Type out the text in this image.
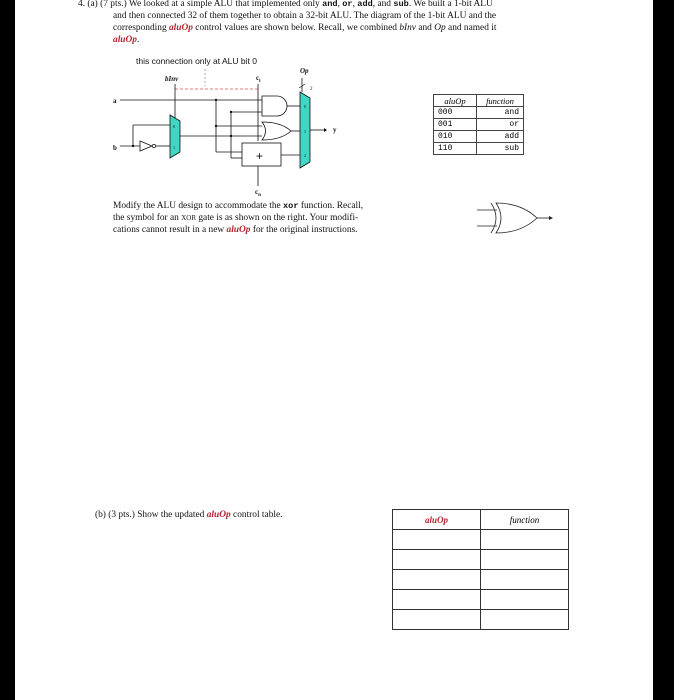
4. (a) (7 pts.) We looked at a simple ALU that implemented only and, or, add, and sub. We built a 1-bit ALU

and then connected 32 of them together to obtain a 32-bit ALU. The diagram of the 1-bit ALU and the

corresponding aluOp control values are shown below. Recall, we combined bInv and Op and named it

aluOp.

this connection only at ALU bit 0
bInv	$c_i$
Op
2
a
b
y
$c_n$
+
0
1
2
0
1
aluOp	function
000	and
001	or
010	add
110	sub

Modify the ALU design to accommodate the xor function. Recall,

the symbol for an xor gate is as shown on the right. Your modifi-

cations cannot result in a new aluOp for the original instructions.

(b) (3 pts.) Show the updated aluOp control table.	aluOp	function
